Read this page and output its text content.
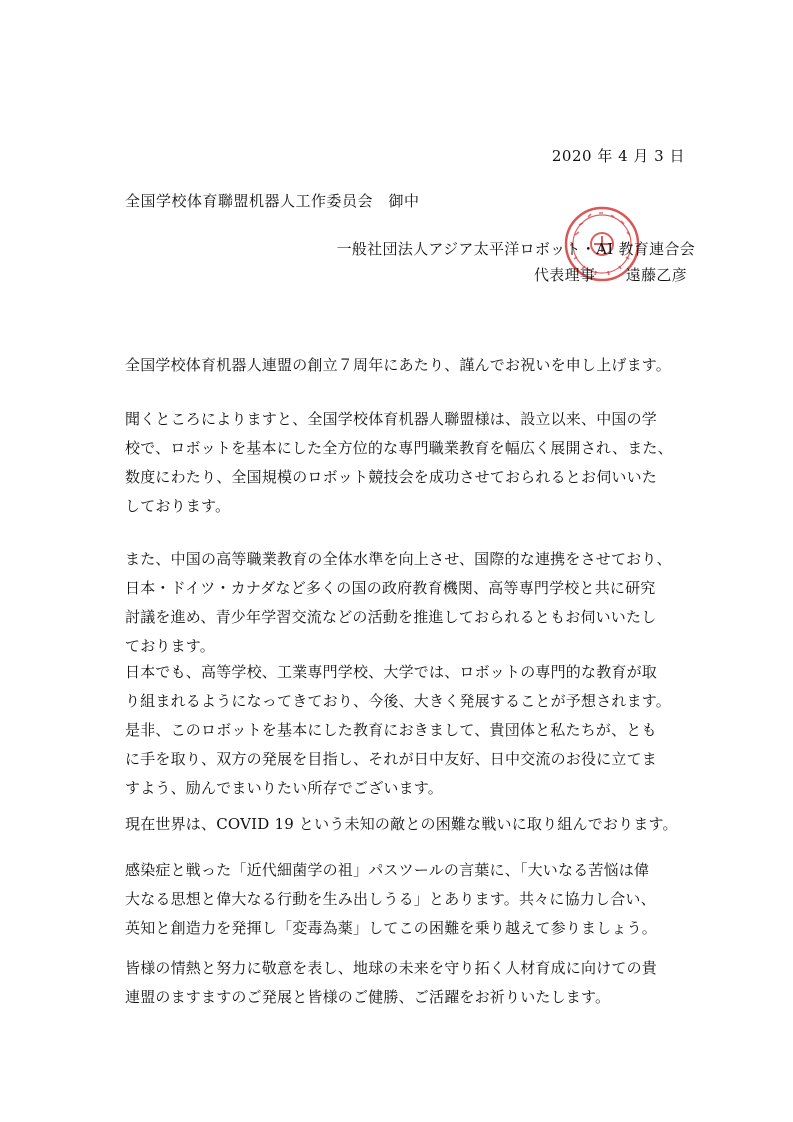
2020 年 4 月 3 日
全国学校体育聯盟机器人工作委员会　御中
一般社団法人アジア太平洋ロボット・AI 教育連合会
代表理事　　遠藤乙彦
全国学校体育机器人連盟の創立７周年にあたり、謹んでお祝いを申し上げます。
聞くところによりますと、全国学校体育机器人聯盟様は、設立以来、中国の学
校で、ロボットを基本にした全方位的な専門職業教育を幅広く展開され、また、
数度にわたり、全国規模のロボット競技会を成功させておられるとお伺いいた
しております。
また、中国の高等職業教育の全体水準を向上させ、国際的な連携をさせており、
日本・ドイツ・カナダなど多くの国の政府教育機関、高等専門学校と共に研究
討議を進め、青少年学習交流などの活動を推進しておられるともお伺いいたし
ております。
日本でも、高等学校、工業専門学校、大学では、ロボットの専門的な教育が取
り組まれるようになってきており、今後、大きく発展することが予想されます。
是非、このロボットを基本にした教育におきまして、貴団体と私たちが、とも
に手を取り、双方の発展を目指し、それが日中友好、日中交流のお役に立てま
すよう、励んでまいりたい所存でございます。
現在世界は、COVID 19 という未知の敵との困難な戦いに取り組んでおります。
感染症と戦った「近代細菌学の祖」パスツールの言葉に、「大いなる苦悩は偉
大なる思想と偉大なる行動を生み出しうる」とあります。共々に協力し合い、
英知と創造力を発揮し「変毒為薬」してこの困難を乗り越えて参りましょう。
皆様の情熱と努力に敬意を表し、地球の未来を守り拓く人材育成に向けての貴
連盟のますますのご発展と皆様のご健勝、ご活躍をお祈りいたします。
